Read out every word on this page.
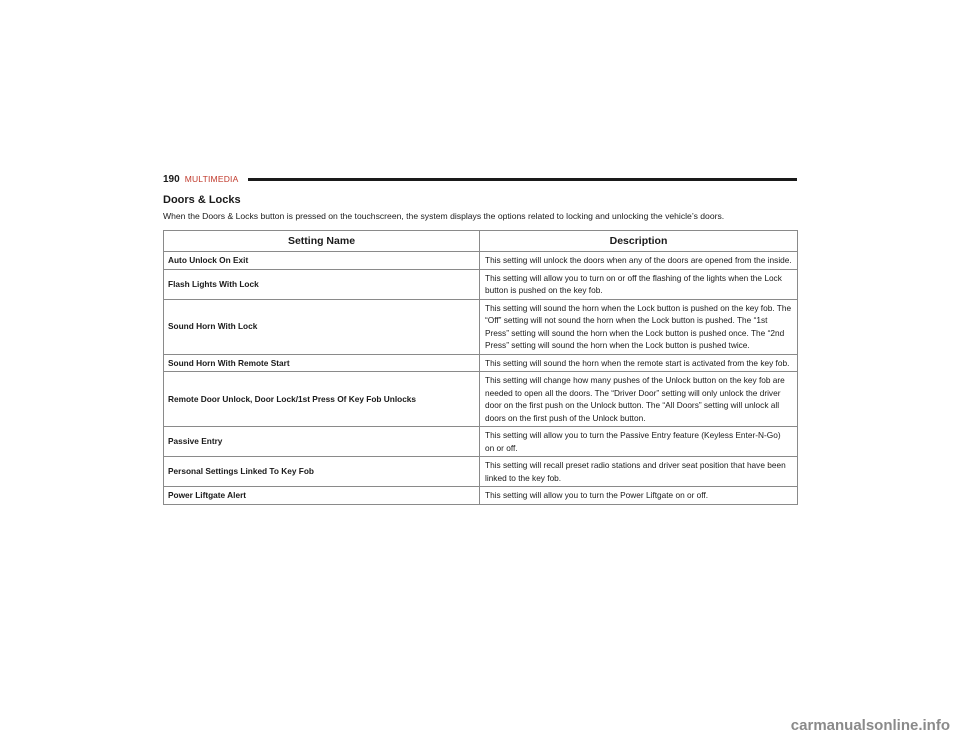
190 MULTIMEDIA
Doors & Locks
When the Doors & Locks button is pressed on the touchscreen, the system displays the options related to locking and unlocking the vehicle’s doors.
Setting Name	Description
Auto Unlock On Exit	This setting will unlock the doors when any of the doors are opened from the inside.
Flash Lights With Lock	This setting will allow you to turn on or off the flashing of the lights when the Lock button is pushed on the key fob.
Sound Horn With Lock	This setting will sound the horn when the Lock button is pushed on the key fob. The “Off” setting will not sound the horn when the Lock button is pushed. The “1st Press” setting will sound the horn when the Lock button is pushed once. The “2nd Press” setting will sound the horn when the Lock button is pushed twice.
Sound Horn With Remote Start	This setting will sound the horn when the remote start is activated from the key fob.
Remote Door Unlock, Door Lock/1st Press Of Key Fob Unlocks	This setting will change how many pushes of the Unlock button on the key fob are needed to open all the doors. The “Driver Door” setting will only unlock the driver door on the first push on the Unlock button. The “All Doors” setting will unlock all doors on the first push of the Unlock button.
Passive Entry	This setting will allow you to turn the Passive Entry feature (Keyless Enter-N-Go) on or off.
Personal Settings Linked To Key Fob	This setting will recall preset radio stations and driver seat position that have been linked to the key fob.
Power Liftgate Alert	This setting will allow you to turn the Power Liftgate on or off.
carmanualsonline.info
